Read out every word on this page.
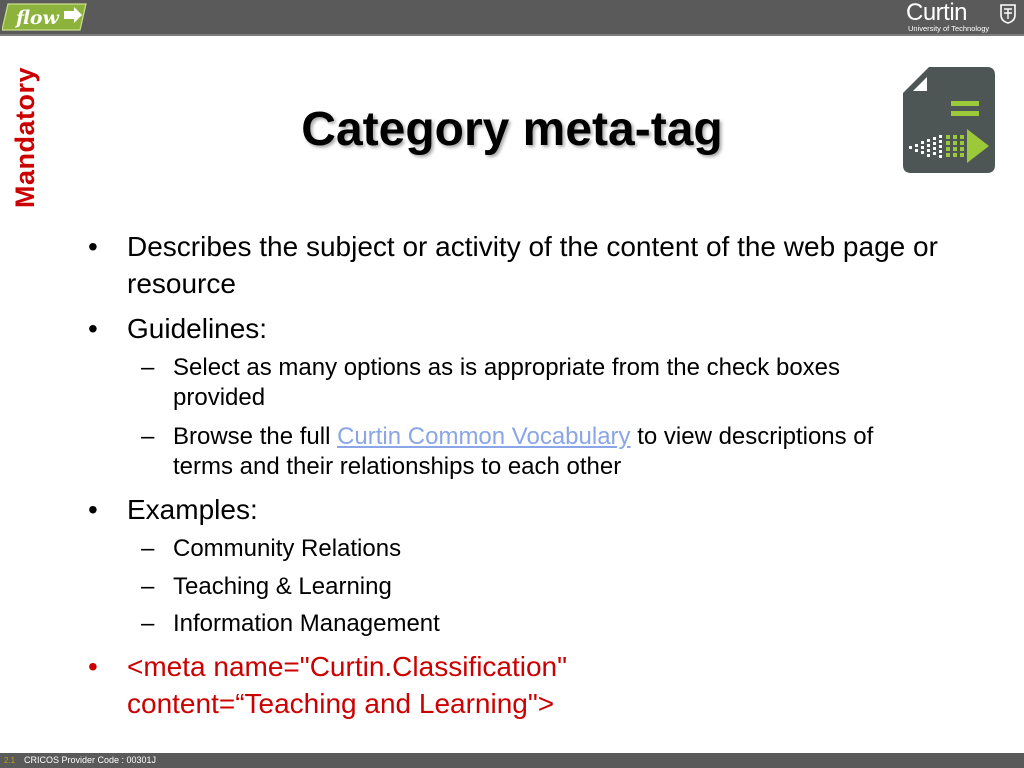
flow	Curtin
University of Technology
Mandatory	Category meta-tag
• Describes the subject or activity of the content of the web page or resource
• Guidelines:
– Select as many options as is appropriate from the check boxes provided
– Browse the full Curtin Common Vocabulary to view descriptions of terms and their relationships to each other
• Examples:
– Community Relations
– Teaching & Learning
– Information Management
• <meta name="Curtin.Classification" content=“Teaching and Learning">
2.1 CRICOS Provider Code : 00301J
